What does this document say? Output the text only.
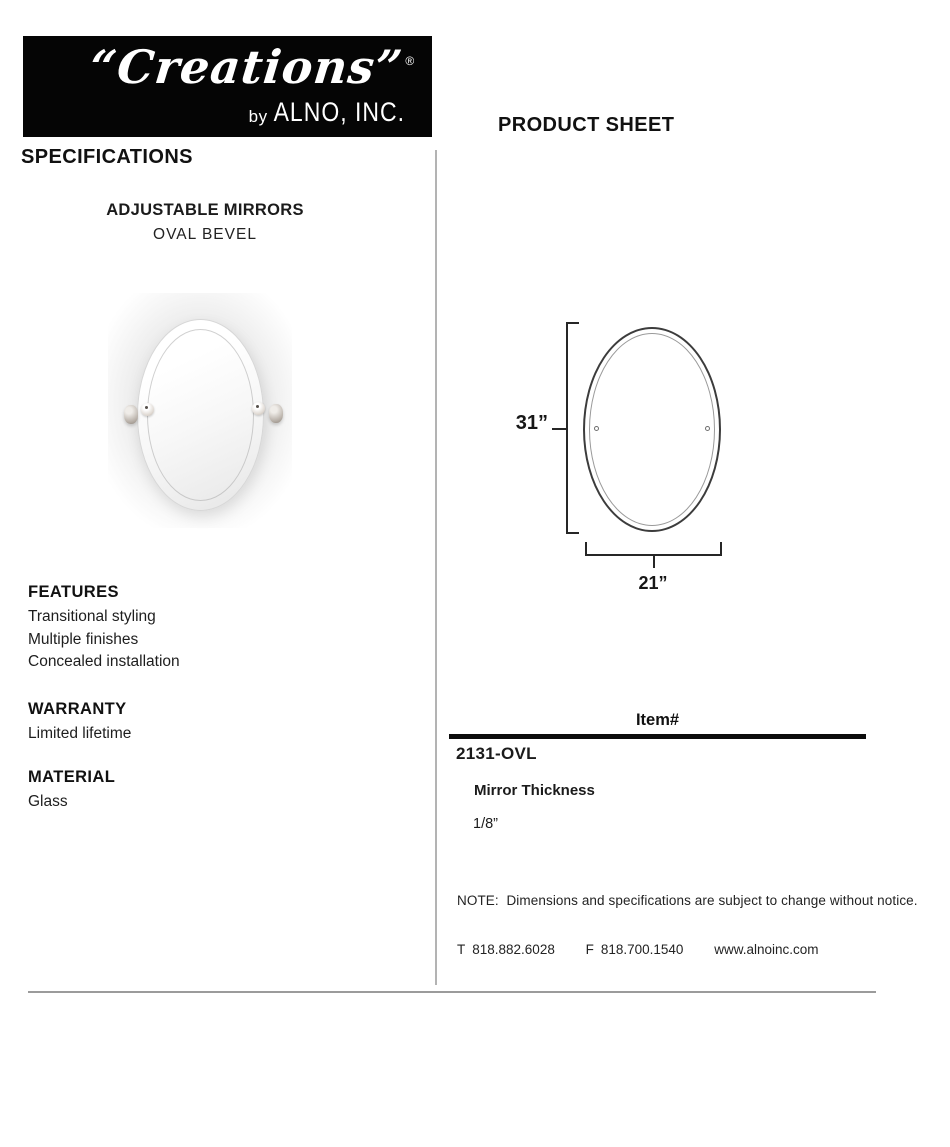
“Creations”®
by ALNO, INC.
SPECIFICATIONS
PRODUCT SHEET
ADJUSTABLE MIRRORS
OVAL BEVEL
FEATURES
Transitional styling
Multiple finishes
Concealed installation
WARRANTY
Limited lifetime
MATERIAL
Glass
31”
21”
Item#
2131-OVL
Mirror Thickness
1/8”
NOTE:  Dimensions and specifications are subject to change without notice.
T 818.882.6028 F 818.700.1540 www.alnoinc.com
